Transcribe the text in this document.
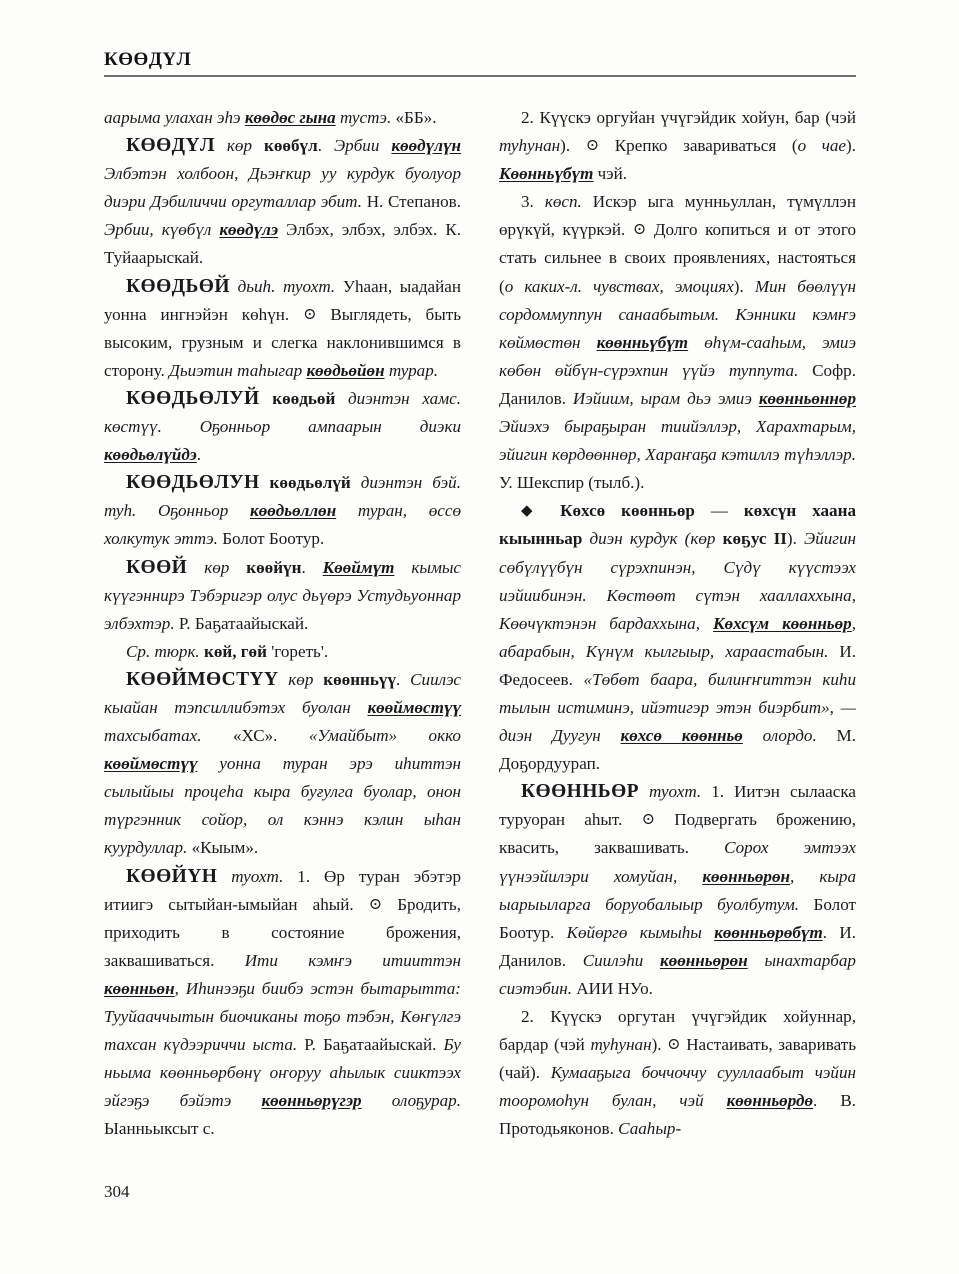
КӨӨДҮЛ

аарыма улахан эһэ көөдөс гына тустэ. «ББ».

КӨӨДҮЛ көр көөбүл. Эрбии көөдүлүн Элбэтэн холбоон, Дьэҥкир уу курдук буолуор диэри Дэбиличчи оргуталлар эбит. Н. Степанов. Эрбии, күөбүл көөдүлэ Элбэх, элбэх, элбэх. К. Туйаарыскай.

КӨӨДЬӨЙ дьиһ. туохт. Уһаан, ыадайан уонна ингнэйэн көһүн. ⊙ Выглядеть, быть высоким, грузным и слегка наклонившимся в сторону. Дьиэтин таһыгар көөдьөйөн турар.

КӨӨДЬӨЛУЙ көөдьөй диэнтэн хамс. көстүү. Оҕонньор ампаарын диэки көөдьөлүйдэ.

КӨӨДЬӨЛУН көөдьөлүй диэнтэн бэй. туһ. Оҕонньор көөдьөллөн туран, өссө холкутук эттэ. Болот Боотур.

КӨӨЙ көр көөйүн. Көөймүт кымыс күүгэннирэ Тэбэригэр олус дьүөрэ Устудьуоннар элбэхтэр. Р. Баҕатаайыскай.

Ср. тюрк. көй, гөй 'гореть'.

КӨӨЙМӨСТҮҮ көр көөнньүү. Сиилэс кыайан тэпсиллибэтэх буолан көөймөстүү тахсыбатах. «ХС». «Умайбыт» окко көөймөстүү уонна туран эрэ иһиттэн сылыйыы процеһа кыра буғулга буолар, онон түргэнник сойор, ол кэннэ кэлин ыһан куурдуллар. «Кыым».

КӨӨЙҮН туохт. 1. Өр туран эбэтэр итиигэ сытыйан-ымыйан аһый. ⊙ Бродить, приходить в состояние брожения, заквашиваться. Ити кэмҥэ итииттэн көөнньөн, Иһинээҕи биибэ эстэн бытарытта: Тууйааччытын биочиканы тоҕо тэбэн, Көҥүлгэ тахсан күдээриччи ыста. Р. Баҕатаайыскай. Бу ньыма көөнньөрбөнү оҥоруу аһылык сииктээх эйгэҕэ бэйэтэ көөнньөрүгэр олоҕурар. Ыанньыксыт с.

2. Күүскэ оргуйан үчүгэйдик хойун, бар (чэй туһунан). ⊙ Крепко завариваться (о чае). Көөнньүбүт чэй.

3. көсп. Искэр ыга мунньуллан, түмүллэн өрүкүй, күүркэй. ⊙ Долго копиться и от этого стать сильнее в своих проявлениях, настояться (о каких-л. чувствах, эмоциях). Мин бөөлүүн сордоммуппун санаабытым. Кэнники кэмҥэ көймөстөн көөнньүбүт өһүм-сааһым, эмиэ көбөн өйбүн-сүрэхпин үүйэ туппута. Софр. Данилов. Иэйиим, ырам дьэ эмиэ көөнньөннөр Эйиэхэ быраҕыран тиийэллэр, Харахтарым, эйигин көрдөөннөр, Хараҥаҕа кэтиллэ түһэллэр. У. Шекспир (тылб.).

◆ Көхсө көөнньөр — көхсүн хаана кыынньар диэн курдук (көр көҕус II). Эйигин сөбүлүүбүн сүрэхпинэн, Сүдү күүстээх иэйиибинэн. Көстөөт сүтэн хааллаххына, Көөчүктэнэн бардаххына, Көхсүм көөнньөр, абарабын, Күнүм кылгыыр, хараастабын. И. Федосеев. «Төбөт баара, билиҥҥиттэн киһи тылын истиминэ, ийэтигэр этэн биэрбит», — диэн Дуугун көхсө көөнньө олордо. М. Доҕордуурап.

КӨӨННЬӨР туохт. 1. Иитэн сылааска туруоран аһыт. ⊙ Подвергать брожению, квасить, заквашивать. Сорох эмтээх үүнээйилэри хомуйан, көөнньөрөн, кыра ыарыыларга боруобалыыр буолбутум. Болот Боотур. Көйөргө кымыһы көөнньөрөбүт. И. Данилов. Сиилэһи көөнньөрөн ынахтарбар сиэтэбин. АИИ НУо.

2. Күүскэ оргутан үчүгэйдик хойуннар, бардар (чэй туһунан). ⊙ Настаивать, заваривать (чай). Кумааҕыга боччоччу сууллаабыт чэйин тооромоһун булан, чэй көөнньөрдө. В. Протодьяконов. Сааһыр-

304
